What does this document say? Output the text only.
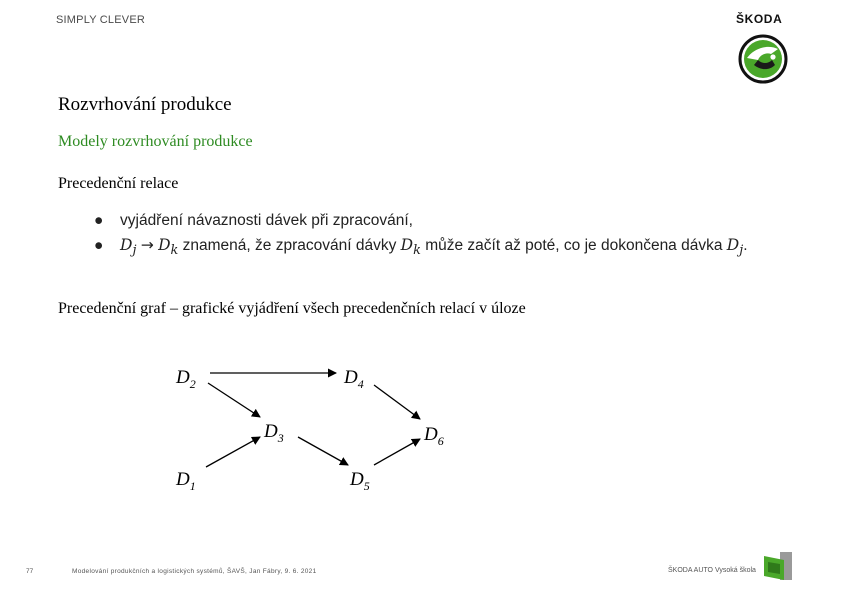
SIMPLY CLEVER	ŠKODA
Rozvrhování produkce
Modely rozvrhování produkce
Precedenční relace
● vyjádření návaznosti dávek při zpracování,
● $D_j \to D_k$ znamená, že zpracování dávky $D_k$ může začít až poté, co je dokončena dávka $D_j$.
Precedenční graf – grafické vyjádření všech precedenčních relací v úloze
$D_2$	$D_4$
$D_3$	$D_6$
$D_1$	$D_5$
77	Modelování produkčních a logistických systémů, ŠAVŠ, Jan Fábry, 9. 6. 2021	ŠKODA AUTO Vysoká škola
